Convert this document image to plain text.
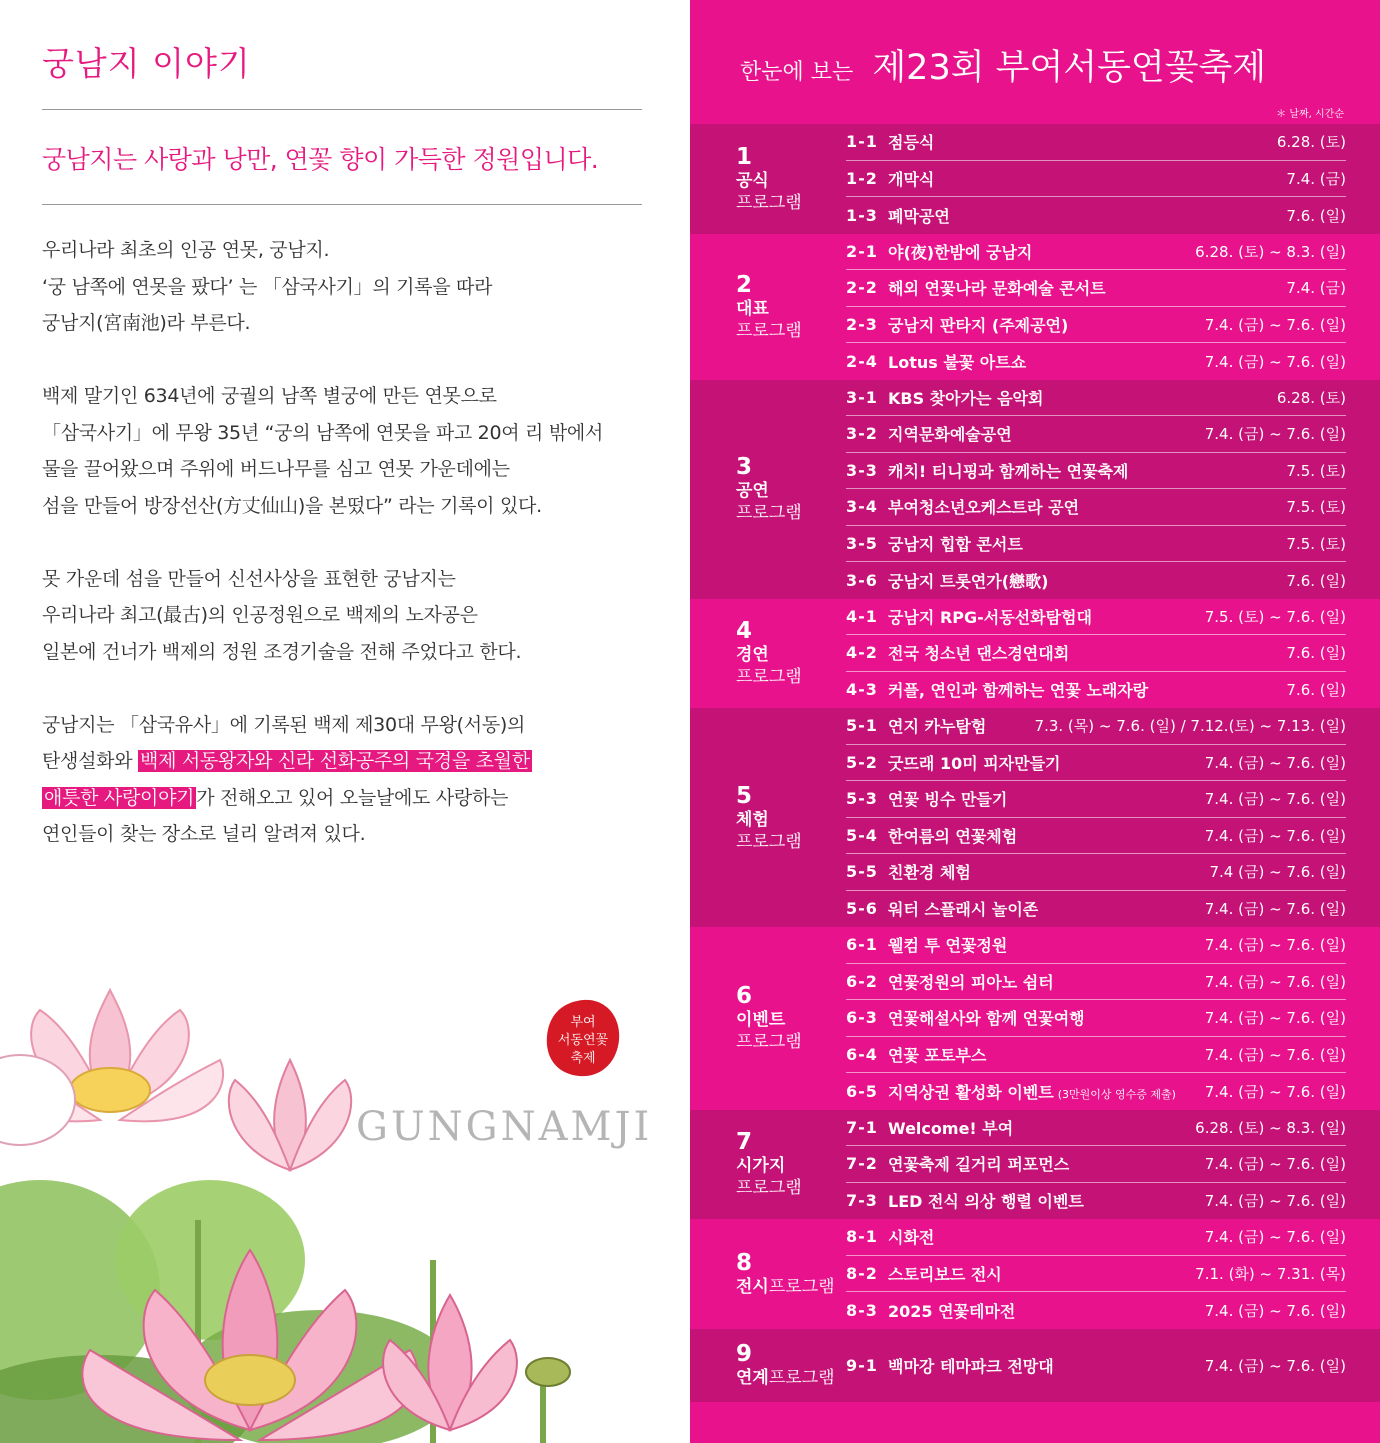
궁남지 이야기
궁남지는 사랑과 낭만, 연꽃 향이 가득한 정원입니다.
우리나라 최초의 인공 연못, 궁남지.
‘궁 남쪽에 연못을 팠다’ 는 「삼국사기」의 기록을 따라
궁남지(宮南池)라 부른다.
백제 말기인 634년에 궁궐의 남쪽 별궁에 만든 연못으로
「삼국사기」에 무왕 35년 “궁의 남쪽에 연못을 파고 20여 리 밖에서
물을 끌어왔으며 주위에 버드나무를 심고 연못 가운데에는
섬을 만들어 방장선산(方丈仙山)을 본떴다” 라는 기록이 있다.
못 가운데 섬을 만들어 신선사상을 표현한 궁남지는
우리나라 최고(最古)의 인공정원으로 백제의 노자공은
일본에 건너가 백제의 정원 조경기술을 전해 주었다고 한다.
궁남지는 「삼국유사」에 기록된 백제 제30대 무왕(서동)의
탄생설화와 백제 서동왕자와 신라 선화공주의 국경을 초월한
애틋한 사랑이야기 가 전해오고 있어 오늘날에도 사랑하는
연인들이 찾는 장소로 널리 알려져 있다.
부여
서동연꽃
축제
GUNGNAMJI
한눈에 보는 제23회 부여서동연꽃축제
＊ 날짜, 시간순
1
공식
프로그램
1-1 점등식	6.28. (토)
1-2 개막식	7.4. (금)
1-3 폐막공연	7.6. (일)
2
대표
프로그램
2-1 야(夜)한밤에 궁남지	6.28. (토) ~ 8.3. (일)
2-2 해외 연꽃나라 문화예술 콘서트	7.4. (금)
2-3 궁남지 판타지 (주제공연)	7.4. (금) ~ 7.6. (일)
2-4 Lotus 불꽃 아트쇼	7.4. (금) ~ 7.6. (일)
3
공연
프로그램
3-1 KBS 찾아가는 음악회	6.28. (토)
3-2 지역문화예술공연	7.4. (금) ~ 7.6. (일)
3-3 캐치! 티니핑과 함께하는 연꽃축제	7.5. (토)
3-4 부여청소년오케스트라 공연	7.5. (토)
3-5 궁남지 힙합 콘서트	7.5. (토)
3-6 궁남지 트롯연가(戀歌)	7.6. (일)
4
경연
프로그램
4-1 궁남지 RPG-서동선화탐험대	7.5. (토) ~ 7.6. (일)
4-2 전국 청소년 댄스경연대회	7.6. (일)
4-3 커플, 연인과 함께하는 연꽃 노래자랑	7.6. (일)
5
체험
프로그램
5-1 연지 카누탐험	7.3. (목) ~ 7.6. (일) / 7.12.(토) ~ 7.13. (일)
5-2 굿뜨래 10미 피자만들기	7.4. (금) ~ 7.6. (일)
5-3 연꽃 빙수 만들기	7.4. (금) ~ 7.6. (일)
5-4 한여름의 연꽃체험	7.4. (금) ~ 7.6. (일)
5-5 친환경 체험	7.4 (금) ~ 7.6. (일)
5-6 워터 스플래시 놀이존	7.4. (금) ~ 7.6. (일)
6
이벤트
프로그램
6-1 웰컴 투 연꽃정원	7.4. (금) ~ 7.6. (일)
6-2 연꽃정원의 피아노 쉼터	7.4. (금) ~ 7.6. (일)
6-3 연꽃해설사와 함께 연꽃여행	7.4. (금) ~ 7.6. (일)
6-4 연꽃 포토부스	7.4. (금) ~ 7.6. (일)
6-5 지역상권 활성화 이벤트 (3만원이상 영수증 제출)	7.4. (금) ~ 7.6. (일)
7
시가지
프로그램
7-1 Welcome! 부여	6.28. (토) ~ 8.3. (일)
7-2 연꽃축제 길거리 퍼포먼스	7.4. (금) ~ 7.6. (일)
7-3 LED 전식 의상 행렬 이벤트	7.4. (금) ~ 7.6. (일)
8
전시프로그램
8-1 시화전	7.4. (금) ~ 7.6. (일)
8-2 스토리보드 전시	7.1. (화) ~ 7.31. (목)
8-3 2025 연꽃테마전	7.4. (금) ~ 7.6. (일)
9
연계프로그램
9-1 백마강 테마파크 전망대	7.4. (금) ~ 7.6. (일)
